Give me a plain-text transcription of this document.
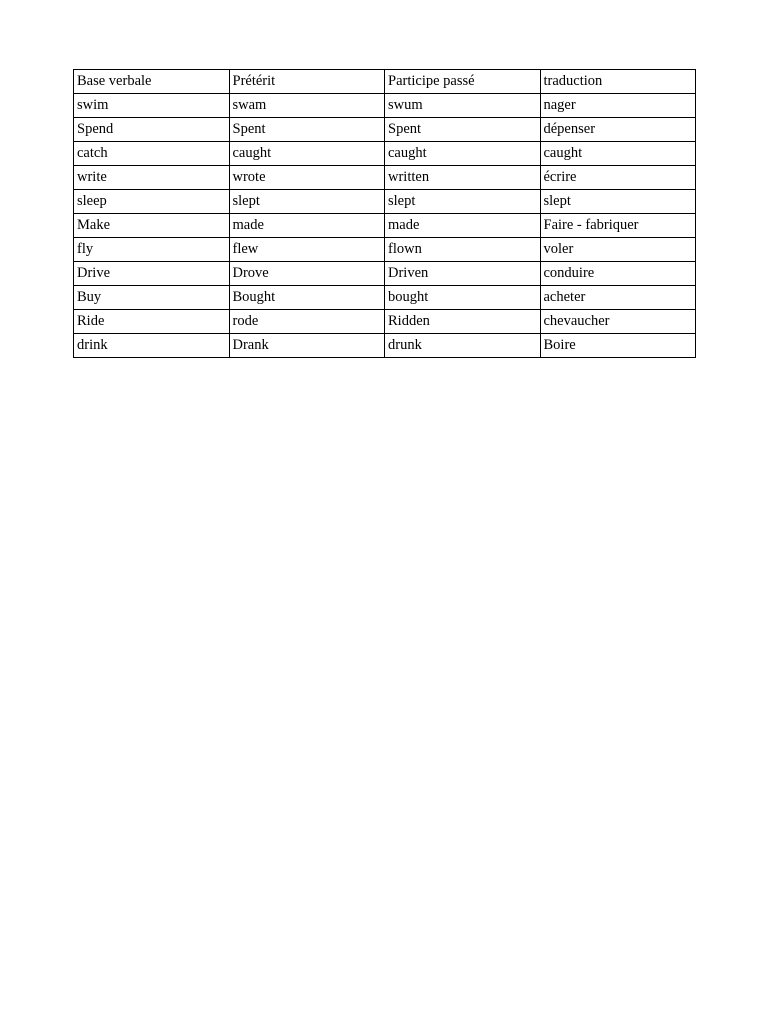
Base verbale	Prétérit	Participe passé	traduction
swim	swam	swum	nager
Spend	Spent	Spent	dépenser
catch	caught	caught	caught
write	wrote	written	écrire
sleep	slept	slept	slept
Make	made	made	Faire - fabriquer
fly	flew	flown	voler
Drive	Drove	Driven	conduire
Buy	Bought	bought	acheter
Ride	rode	Ridden	chevaucher
drink	Drank	drunk	Boire
